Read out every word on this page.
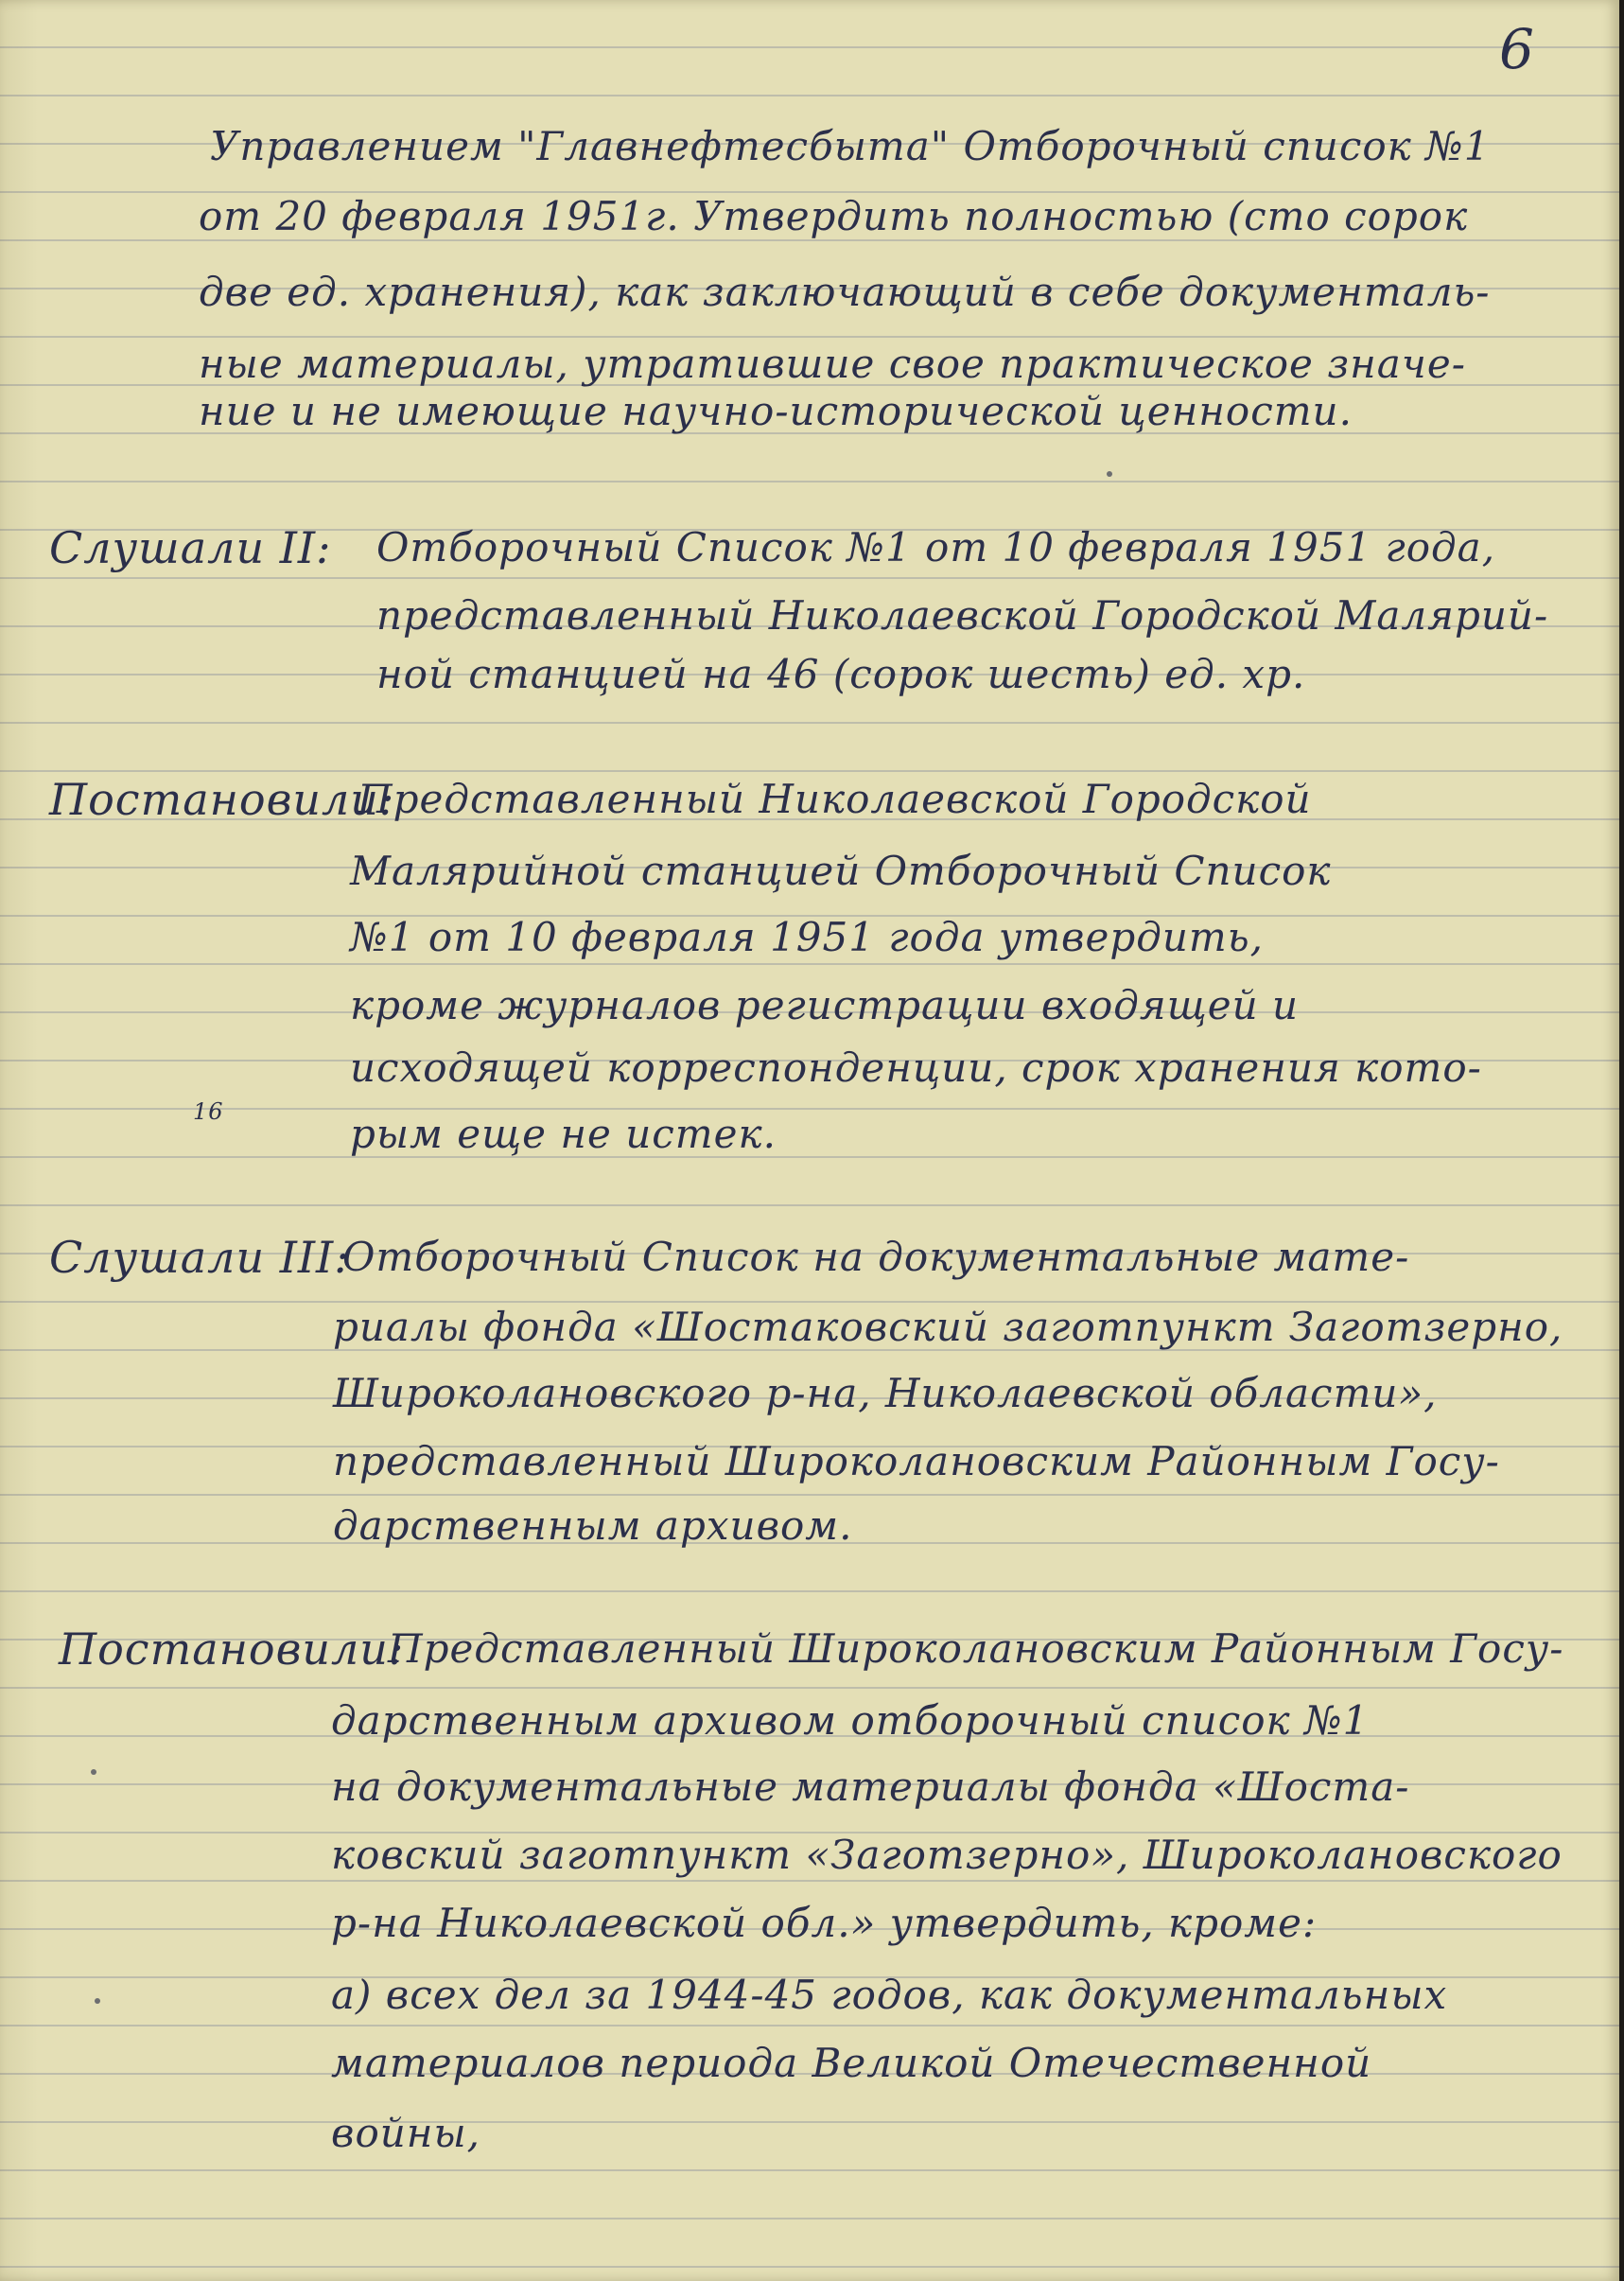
6

Управлением "Главнефтесбыта" Отборочный список №1

от 20 февраля 1951г. Утвердить полностью (сто сорок

две ед. хранения), как заключающий в себе документаль-

ные материалы, утратившие свое практическое значе-

ние и не имеющие научно-исторической ценности.

Слушали II: Отборочный Список №1 от 10 февраля 1951 года,

представленный Николаевской Городской Малярий-

ной станцией на 46 (сорок шесть) ед. хр.

Постановили:

Представленный Николаевской Городской

Малярийной станцией Отборочный Список

№1 от 10 февраля 1951 года утвердить,

кроме журналов регистрации входящей и

исходящей корреспонденции, срок хранения кото-

рым еще не истек.

16

Слушали III:

Отборочный Список на документальные мате-

риалы фонда «Шостаковский заготпункт Заготзерно,

Широколановского р-на, Николаевской области»,

представленный Широколановским Районным Госу-

дарственным архивом.

Постановили:

Представленный Широколановским Районным Госу-

дарственным архивом отборочный список №1

на документальные материалы фонда «Шоста-

ковский заготпункт «Заготзерно», Широколановского

р-на Николаевской обл.» утвердить, кроме:

а) всех дел за 1944-45 годов, как документальных

материалов периода Великой Отечественной

войны,
